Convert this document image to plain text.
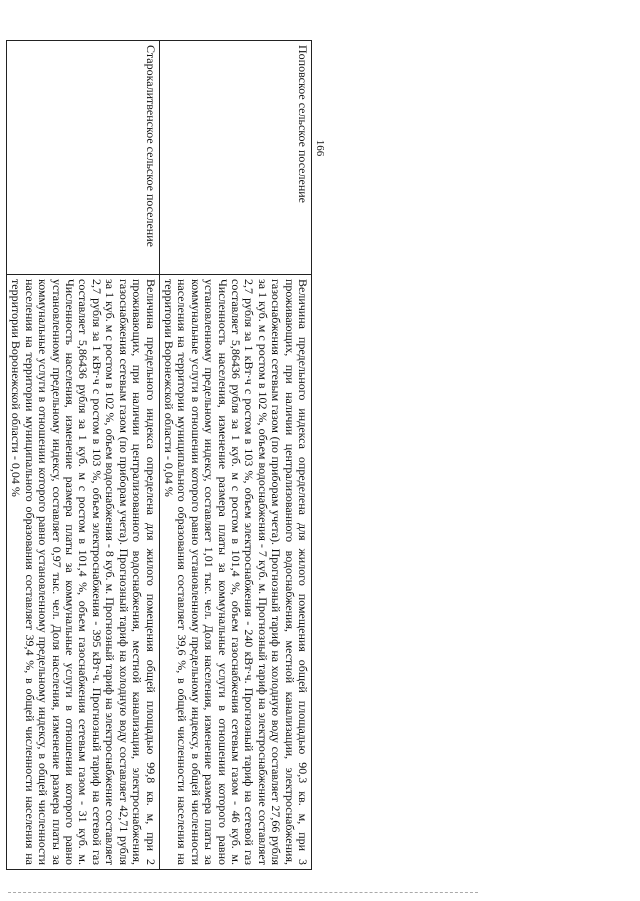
166
Поповское сельское поселение	Величина предельного индекса определена для жилого помещения общей площадью 90,3 кв. м, при 3 проживающих, при наличии централизованного водоснабжения, местной канализации, электроснабжения, газоснабжения сетевым газом (по приборам учета). Прогнозный тариф на холодную воду составляет 27,66 рубля за 1 куб. м с ростом в 102 %, объем водоснабжения - 7 куб. м. Прогнозный тариф на электроснабжение составляет 2,7 рубля за 1 кВт·ч с ростом в 103 %, объем электроснабжения - 240 кВт·ч. Прогнозный тариф на сетевой газ составляет 5,86436 рубля за 1 куб. м с ростом в 101,4 %, объем газоснабжения сетевым газом - 46 куб. м. Численность населения, изменение размера платы за коммунальные услуги в отношении которого равно установленному предельному индексу, составляет 1,01 тыс. чел. Доля населения, изменение размера платы за коммунальные услуги в отношении которого равно установленному предельному индексу, в общей численности населения на территории муниципального образования составляет 39,6 %, в общей численности населения на территории Воронежской области - 0,04 %
Старокалитвенское сельское поселение	Величина предельного индекса определена для жилого помещения общей площадью 99,8 кв. м, при 2 проживающих, при наличии централизованного водоснабжения, местной канализации, электроснабжения, газоснабжения сетевым газом (по приборам учета). Прогнозный тариф на холодную воду составляет 42,71 рубля за 1 куб. м с ростом в 102 %, объем водоснабжения - 8 куб. м. Прогнозный тариф на электроснабжение составляет 2,7 рубля за 1 кВт·ч с ростом в 103 %, объем электроснабжения - 395 кВт·ч. Прогнозный тариф на сетевой газ составляет 5,86436 рубля за 1 куб. м с ростом в 101,4 %, объем газоснабжения сетевым газом - 31 куб. м. Численность населения, изменение размера платы за коммунальные услуги в отношении которого равно установленному предельному индексу, составляет 0,97 тыс. чел. Доля населения, изменение размера платы за коммунальные услуги в отношении которого равно установленному предельному индексу, в общей численности населения на территории муниципального образования составляет 39,4 %, в общей численности населения на территории Воронежской области - 0,04 %
